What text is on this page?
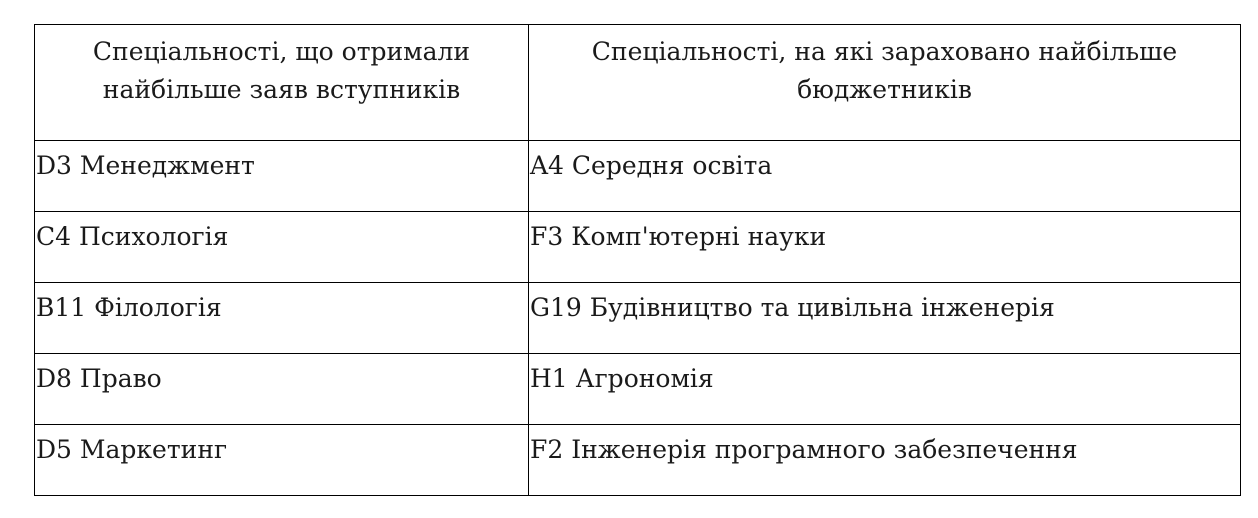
Спеціальності, що отримали найбільше заяв вступників	Спеціальності, на які зараховано найбільше бюджетників
D3 Менеджмент	A4 Середня освіта
C4 Психологія	F3 Комп'ютерні науки
B11 Філологія	G19 Будівництво та цивільна інженерія
D8 Право	H1 Агрономія
D5 Маркетинг	F2 Інженерія програмного забезпечення
